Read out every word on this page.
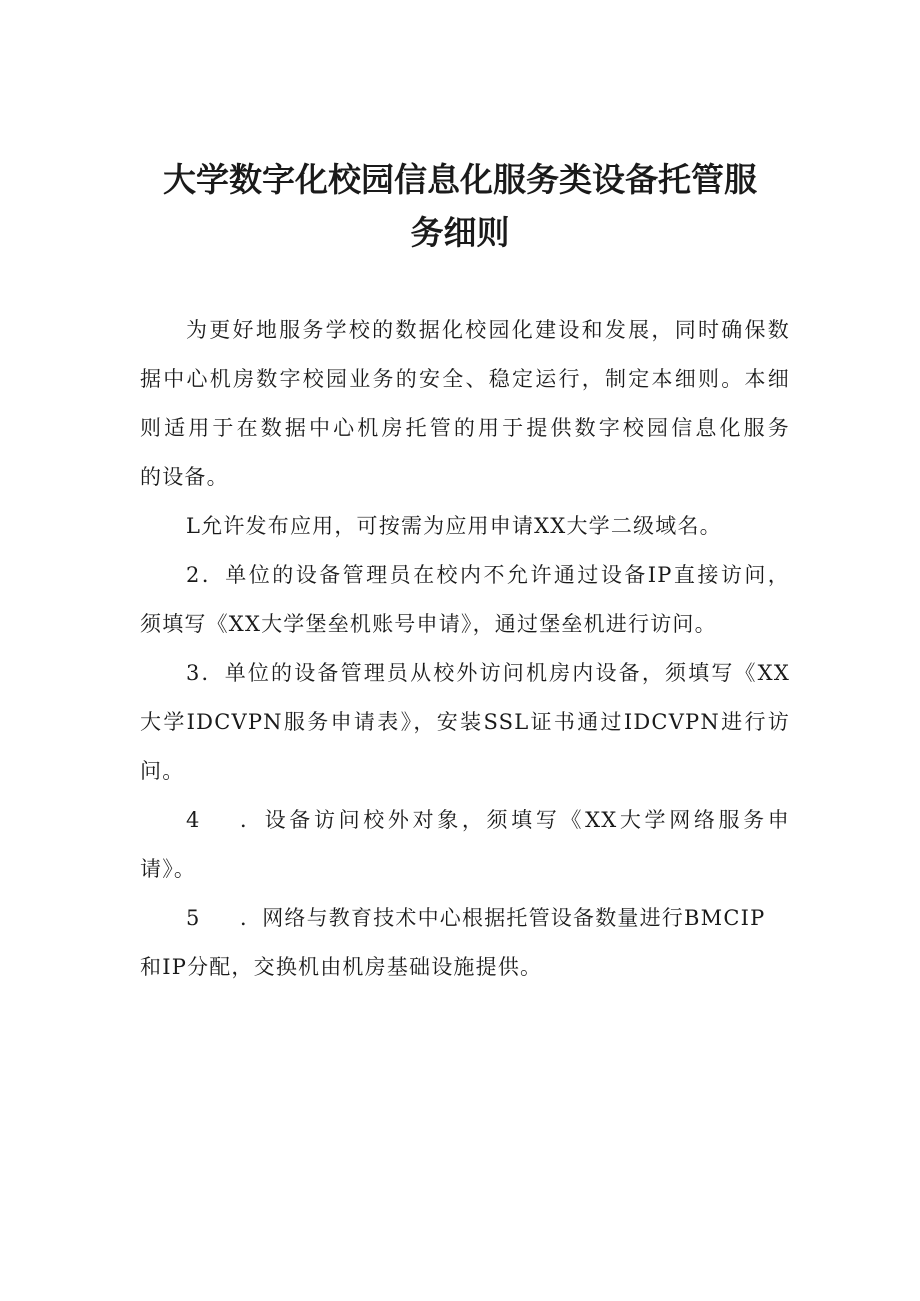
大学数字化校园信息化服务类设备托管服
务细则
为更好地服务学校的数据化校园化建设和发展，同时确保数
据中心机房数字校园业务的安全、稳定运行，制定本细则。本细
则适用于在数据中心机房托管的用于提供数字校园信息化服务
的设备。
L允许发布应用，可按需为应用申请XX大学二级域名。
2．单位的设备管理员在校内不允许通过设备IP直接访问，
须填写《XX大学堡垒机账号申请》，通过堡垒机进行访问。
3．单位的设备管理员从校外访问机房内设备，须填写《XX
大学IDCVPN服务申请表》，安装SSL证书通过IDCVPN进行访
问。
4	．设备访问校外对象，须填写《XX大学网络服务申
请》。
5	．网络与教育技术中心根据托管设备数量进行BMCIP
和IP分配，交换机由机房基础设施提供。
